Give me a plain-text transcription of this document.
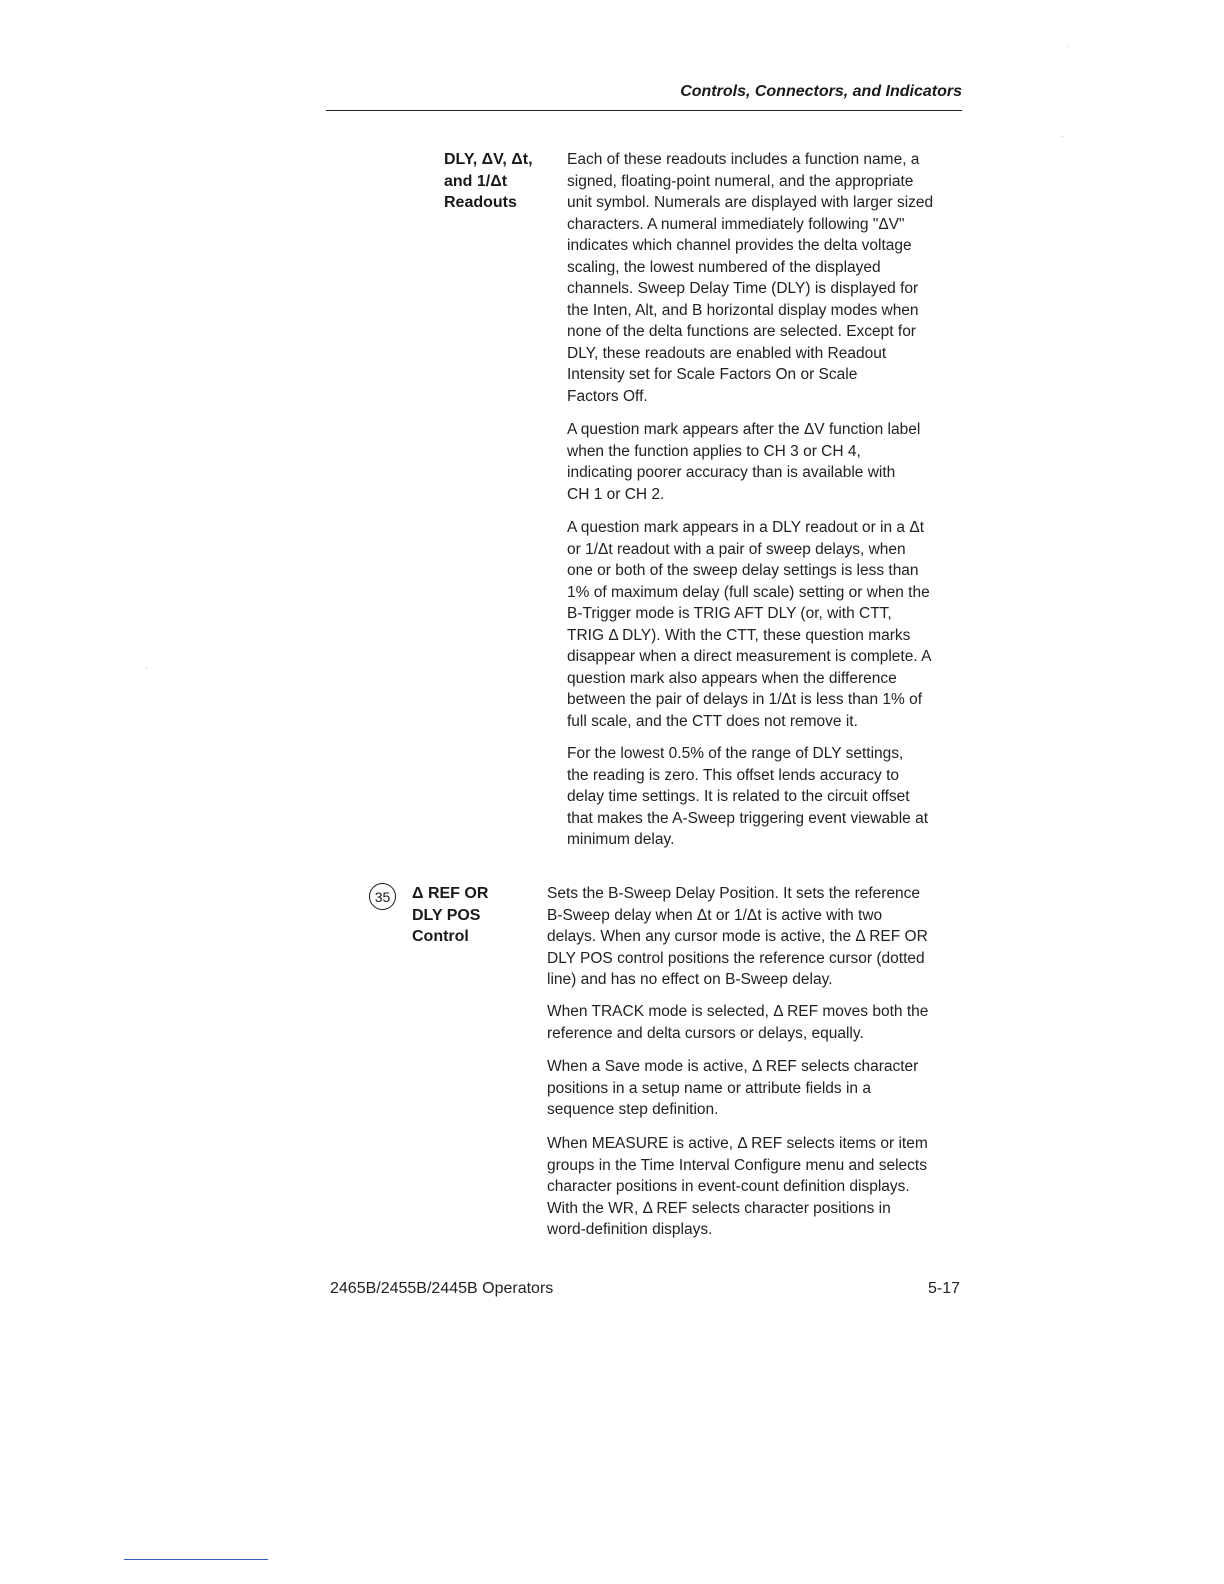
Controls, Connectors, and Indicators
DLY, ΔV, Δt,
and 1/Δt
Readouts
Each of these readouts includes a function name, a
signed, floating-point numeral, and the appropriate
unit symbol. Numerals are displayed with larger sized
characters. A numeral immediately following "ΔV"
indicates which channel provides the delta voltage
scaling, the lowest numbered of the displayed
channels. Sweep Delay Time (DLY) is displayed for
the Inten, Alt, and B horizontal display modes when
none of the delta functions are selected. Except for
DLY, these readouts are enabled with Readout
Intensity set for Scale Factors On or Scale
Factors Off.
A question mark appears after the ΔV function label
when the function applies to CH 3 or CH 4,
indicating poorer accuracy than is available with
CH 1 or CH 2.
A question mark appears in a DLY readout or in a Δt
or 1/Δt readout with a pair of sweep delays, when
one or both of the sweep delay settings is less than
1% of maximum delay (full scale) setting or when the
B-Trigger mode is TRIG AFT DLY (or, with CTT,
TRIG Δ DLY). With the CTT, these question marks
disappear when a direct measurement is complete. A
question mark also appears when the difference
between the pair of delays in 1/Δt is less than 1% of
full scale, and the CTT does not remove it.
For the lowest 0.5% of the range of DLY settings,
the reading is zero. This offset lends accuracy to
delay time settings. It is related to the circuit offset
that makes the A-Sweep triggering event viewable at
minimum delay.
35	Δ REF OR
DLY POS
Control
Sets the B-Sweep Delay Position. It sets the reference
B-Sweep delay when Δt or 1/Δt is active with two
delays. When any cursor mode is active, the Δ REF OR
DLY POS control positions the reference cursor (dotted
line) and has no effect on B-Sweep delay.
When TRACK mode is selected, Δ REF moves both the
reference and delta cursors or delays, equally.
When a Save mode is active, Δ REF selects character
positions in a setup name or attribute fields in a
sequence step definition.
When MEASURE is active, Δ REF selects items or item
groups in the Time Interval Configure menu and selects
character positions in event-count definition displays.
With the WR, Δ REF selects character positions in
word-definition displays.
2465B/2455B/2445B Operators	5-17
